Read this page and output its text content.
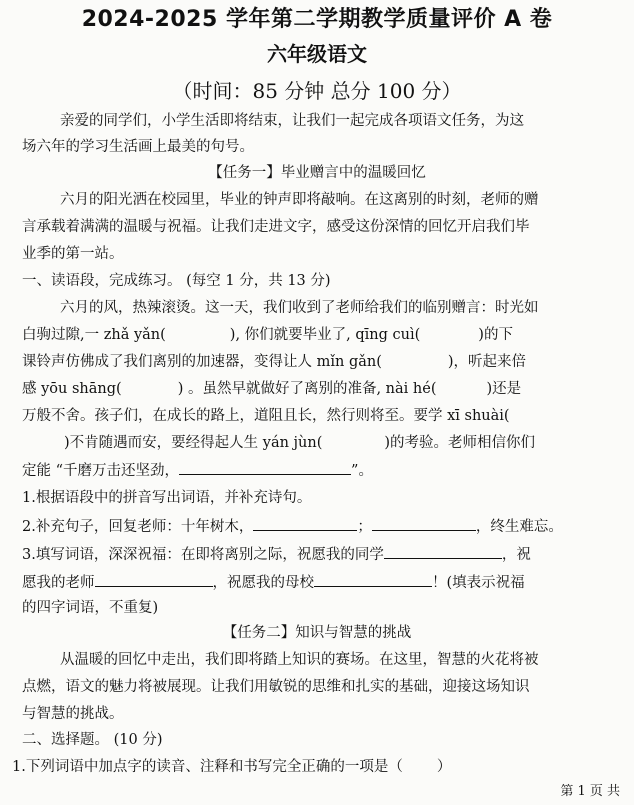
2024-2025 学年第二学期教学质量评价 A 卷
六年级语文
（时间：85 分钟 总分 100 分）
亲爱的同学们，小学生活即将结束，让我们一起完成各项语文任务，为这
场六年的学习生活画上最美的句号。
【任务一】毕业赠言中的温暖回忆
六月的阳光洒在校园里，毕业的钟声即将敲响。在这离别的时刻，老师的赠
言承载着满满的温暖与祝福。让我们走进文字，感受这份深情的回忆开启我们毕
业季的第一站。
一、读语段，完成练习。 (每空 1 分，共 13 分)
六月的风，热辣滚烫。这一天，我们收到了老师给我们的临别赠言：时光如
白驹过隙,一 zhǎ yǎn(	), 你们就要毕业了, qīng cuì(	)的下
课铃声仿佛成了我们离别的加速器，变得让人 mǐn gǎn(	)，听起来倍
感 yōu shāng(	) 。虽然早就做好了离别的准备, nài hé(	)还是
万般不舍。孩子们，在成长的路上，道阻且长，然行则将至。要学 xī shuài(
)不肯随遇而安，要经得起人生 yán jùn(	)的考验。老师相信你们
定能 “千磨万击还坚劲，	”。
1.根据语段中的拼音写出词语，并补充诗句。
2.补充句子，回复老师：十年树木，	；	，终生难忘。
3.填写词语，深深祝福：在即将离别之际，祝愿我的同学	，祝
愿我的老师	，祝愿我的母校	！(填表示祝福
的四字词语，不重复)
【任务二】知识与智慧的挑战
从温暖的回忆中走出，我们即将踏上知识的赛场。在这里，智慧的火花将被
点燃，语文的魅力将被展现。让我们用敏锐的思维和扎实的基础，迎接这场知识
与智慧的挑战。
二、选择题。 (10 分)
1.下列词语中加点字的读音、注释和书写完全正确的一项是（ ）
第 1 页 共
